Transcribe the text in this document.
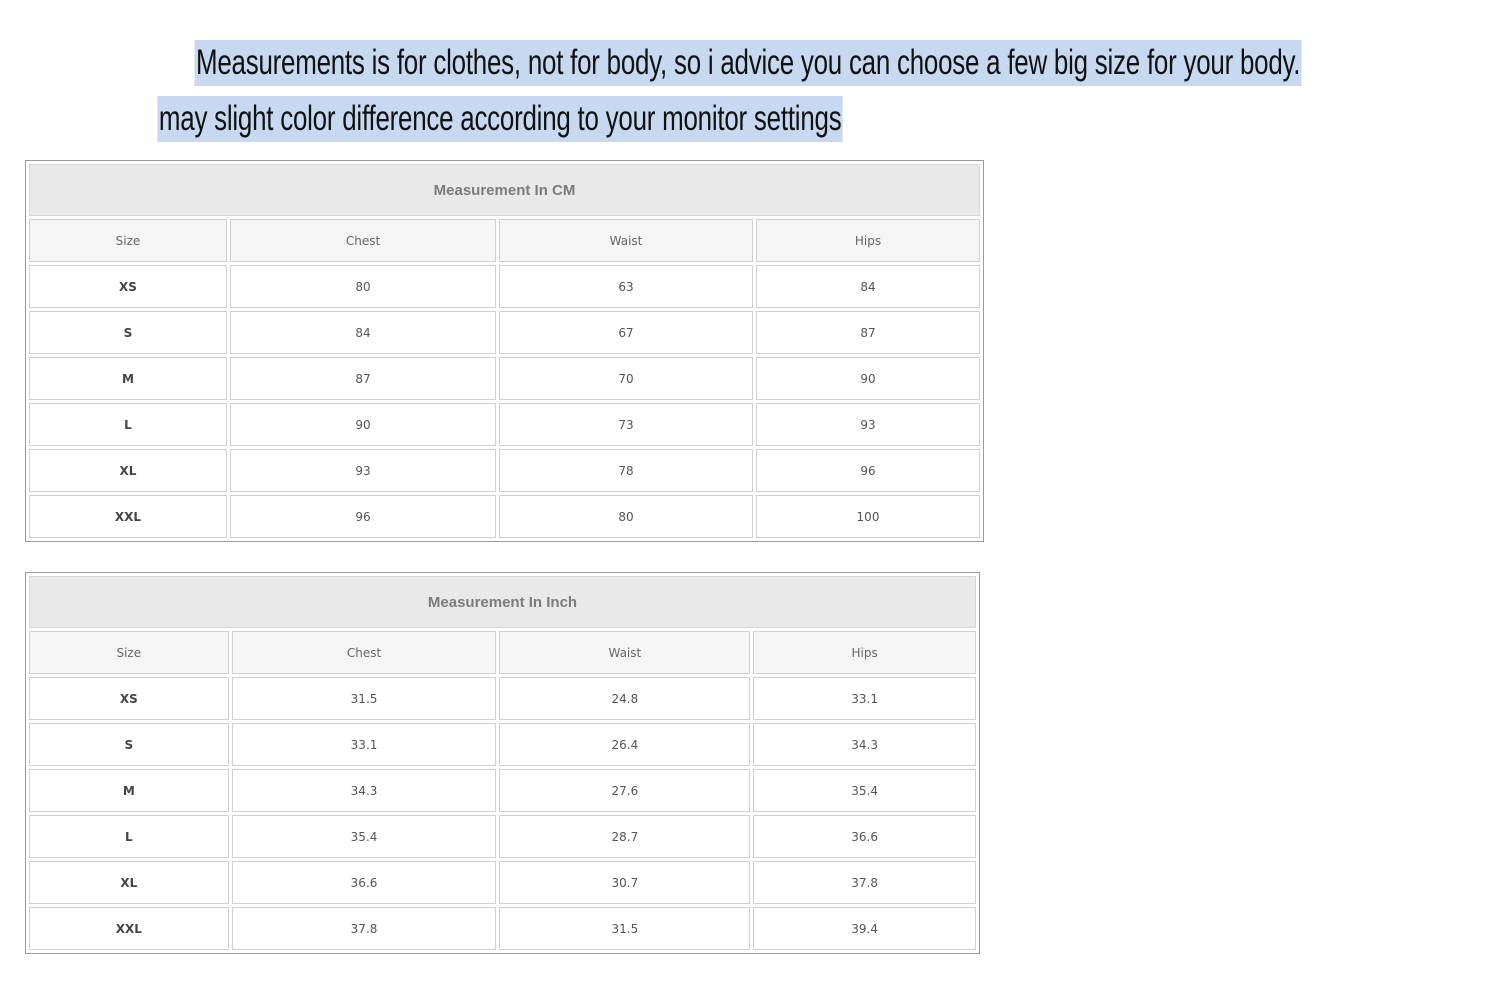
Measurements is for clothes, not for body, so i advice you can choose a few big size for your body.
may slight color difference according to your monitor settings
Measurement In CM			
Size	Chest	Waist	Hips
XS	80	63	84
S	84	67	87
M	87	70	90
L	90	73	93
XL	93	78	96
XXL	96	80	100
Measurement In Inch			
Size	Chest	Waist	Hips
XS	31.5	24.8	33.1
S	33.1	26.4	34.3
M	34.3	27.6	35.4
L	35.4	28.7	36.6
XL	36.6	30.7	37.8
XXL	37.8	31.5	39.4
